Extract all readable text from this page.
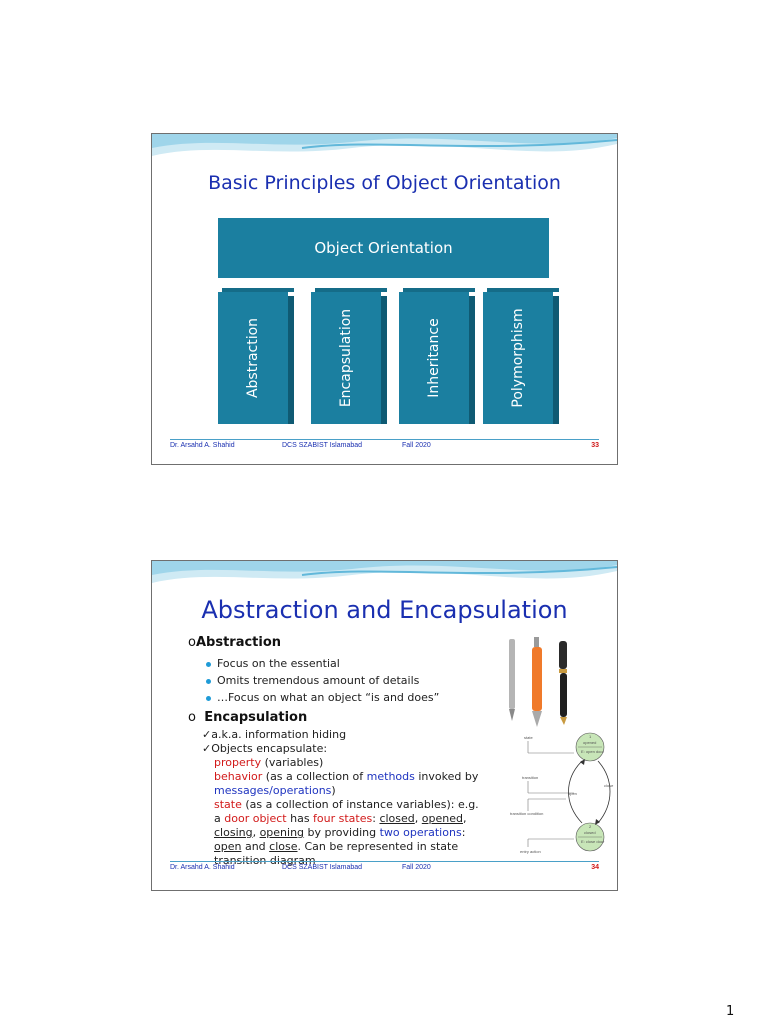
Basic Principles of Object Orientation
Object Orientation
Abstraction	Encapsulation	Inheritance	Polymorphism
Dr. Arsahd A. Shahid	DCS SZABIST Islamabad	Fall 2020	33
Abstraction and Encapsulation
oAbstraction
Focus on the essential
Omits tremendous amount of details
…Focus on what an object “is and does”
o Encapsulation
✓a.k.a. information hiding
✓Objects encapsulate:
property (variables)
behavior (as a collection of methods invoked by
messages/operations)
state (as a collection of instance variables): e.g.
a door object has four states: closed, opened,
closing, opening by providing two operations:
open and close. Can be represented in state
transition diagram
state
transition
transition condition
entry action
1
opened
E: open door
2
closed
E: close door
open
close
Dr. Arsahd A. Shahid	DCS SZABIST Islamabad	Fall 2020	34
1
